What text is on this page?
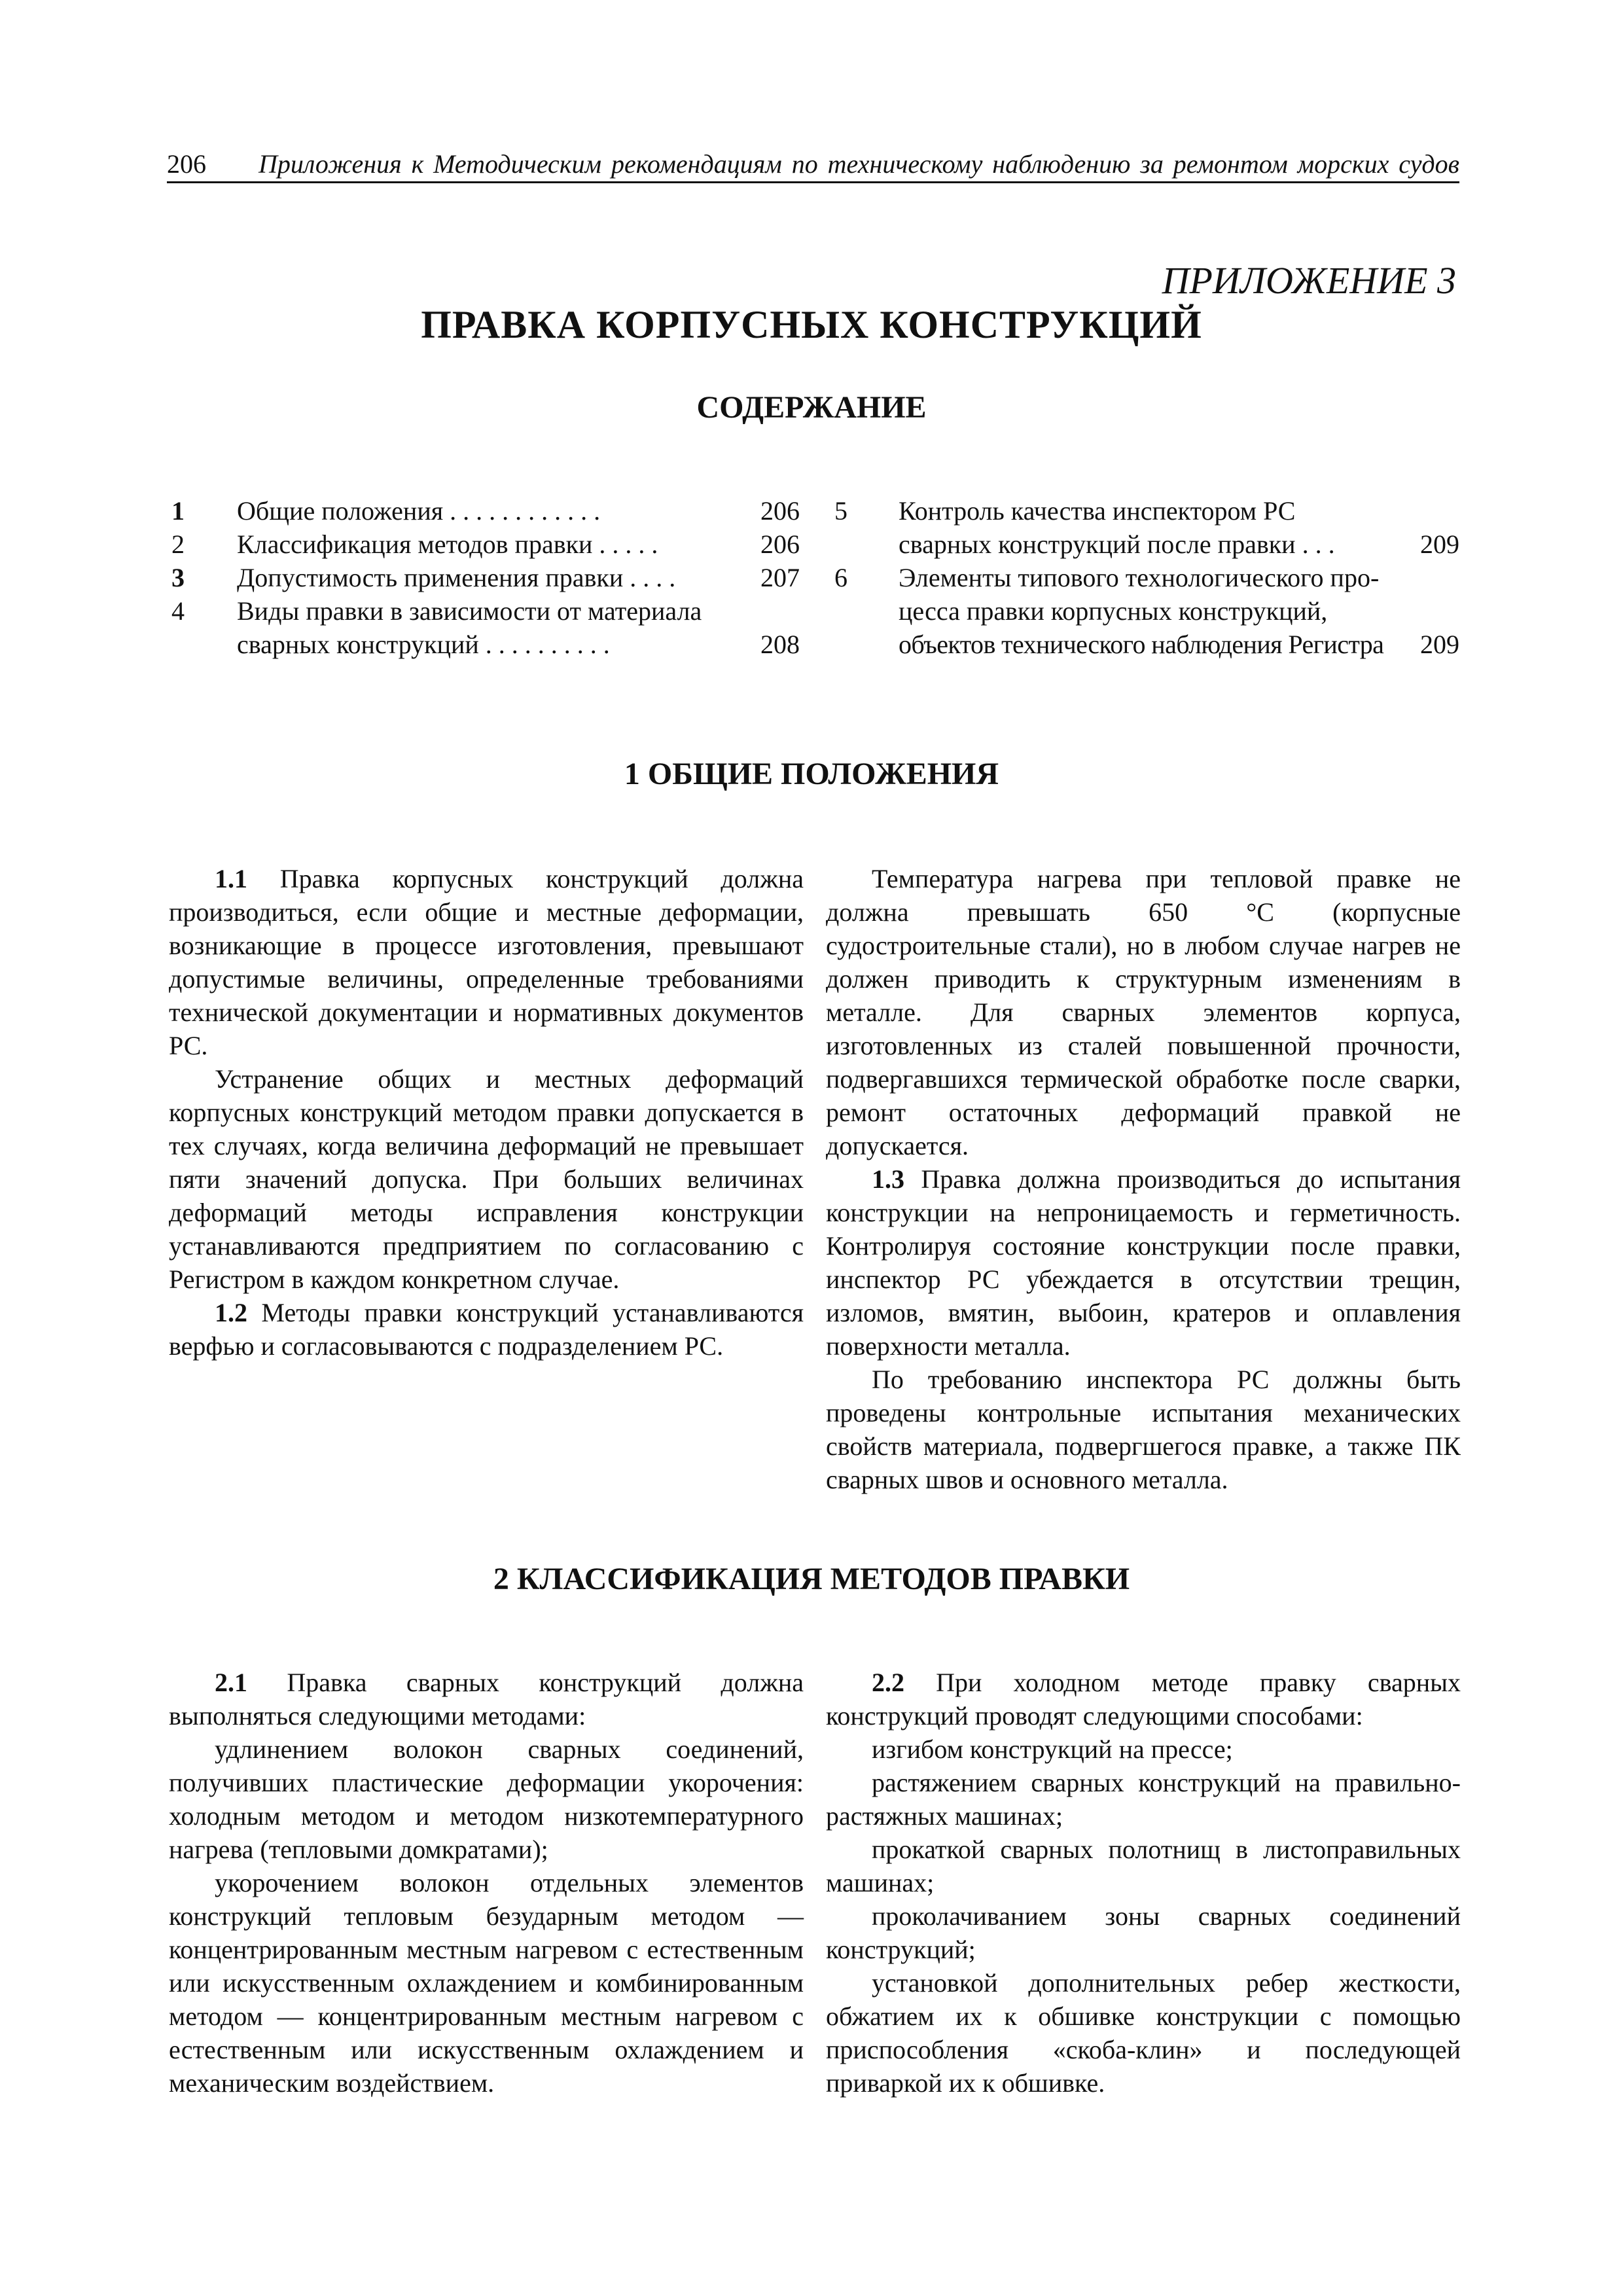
206 Приложения к Методическим рекомендациям по техническому наблюдению за ремонтом морских судов
ПРИЛОЖЕНИЕ 3
ПРАВКА КОРПУСНЫХ КОНСТРУКЦИЙ
СОДЕРЖАНИЕ
1 Общие положения . . . . . . . . . . . .	206
2 Классификация методов правки . . . . .	206
3 Допустимость применения правки . . . .	207
4 Виды правки в зависимости от материала
сварных конструкций . . . . . . . . . .	208
5 Контроль качества инспектором РС
сварных конструкций после правки . . .	209
6 Элементы типового технологического про-
цесса правки корпусных конструкций,
объектов технического наблюдения Регистра 209
1 ОБЩИЕ ПОЛОЖЕНИЯ

1.1 Правка корпусных конструкций должна производиться, если общие и местные деформации, возникающие в процессе изготовления, превышают допустимые величины, определенные требованиями технической документации и нормативных документов РС.

Устранение общих и местных деформаций корпусных конструкций методом правки допускается в тех случаях, когда величина деформаций не превышает пяти значений допуска. При больших величинах деформаций методы исправления конструкции устанавливаются предприятием по согласованию с Регистром в каждом конкретном случае.

1.2 Методы правки конструкций устанавливаются верфью и согласовываются с подразделением РС.

Температура нагрева при тепловой правке не должна превышать 650 °С (корпусные судостроительные стали), но в любом случае нагрев не должен приводить к структурным изменениям в металле. Для сварных элементов корпуса, изготовленных из сталей повышенной прочности, подвергавшихся термической обработке после сварки, ремонт остаточных деформаций правкой не допускается.

1.3 Правка должна производиться до испытания конструкции на непроницаемость и герметичность. Контролируя состояние конструкции после правки, инспектор РС убеждается в отсутствии трещин, изломов, вмятин, выбоин, кратеров и оплавления поверхности металла.

По требованию инспектора РС должны быть проведены контрольные испытания механических свойств материала, подвергшегося правке, а также ПК сварных швов и основного металла.

2 КЛАССИФИКАЦИЯ МЕТОДОВ ПРАВКИ

2.1 Правка сварных конструкций должна выполняться следующими методами:

удлинением волокон сварных соединений, получивших пластические деформации укорочения: холодным методом и методом низкотемпературного нагрева (тепловыми домкратами);

укорочением волокон отдельных элементов конструкций тепловым безударным методом — концентрированным местным нагревом с естественным или искусственным охлаждением и комбинированным методом — концентрированным местным нагревом с естественным или искусственным охлаждением и механическим воздействием.

2.2 При холодном методе правку сварных конструкций проводят следующими способами:

изгибом конструкций на прессе;

растяжением сварных конструкций на правильно-растяжных машинах;

прокаткой сварных полотнищ в листоправильных машинах;

проколачиванием зоны сварных соединений конструкций;

установкой дополнительных ребер жесткости, обжатием их к обшивке конструкции с помощью приспособления «скоба-клин» и последующей приваркой их к обшивке.
